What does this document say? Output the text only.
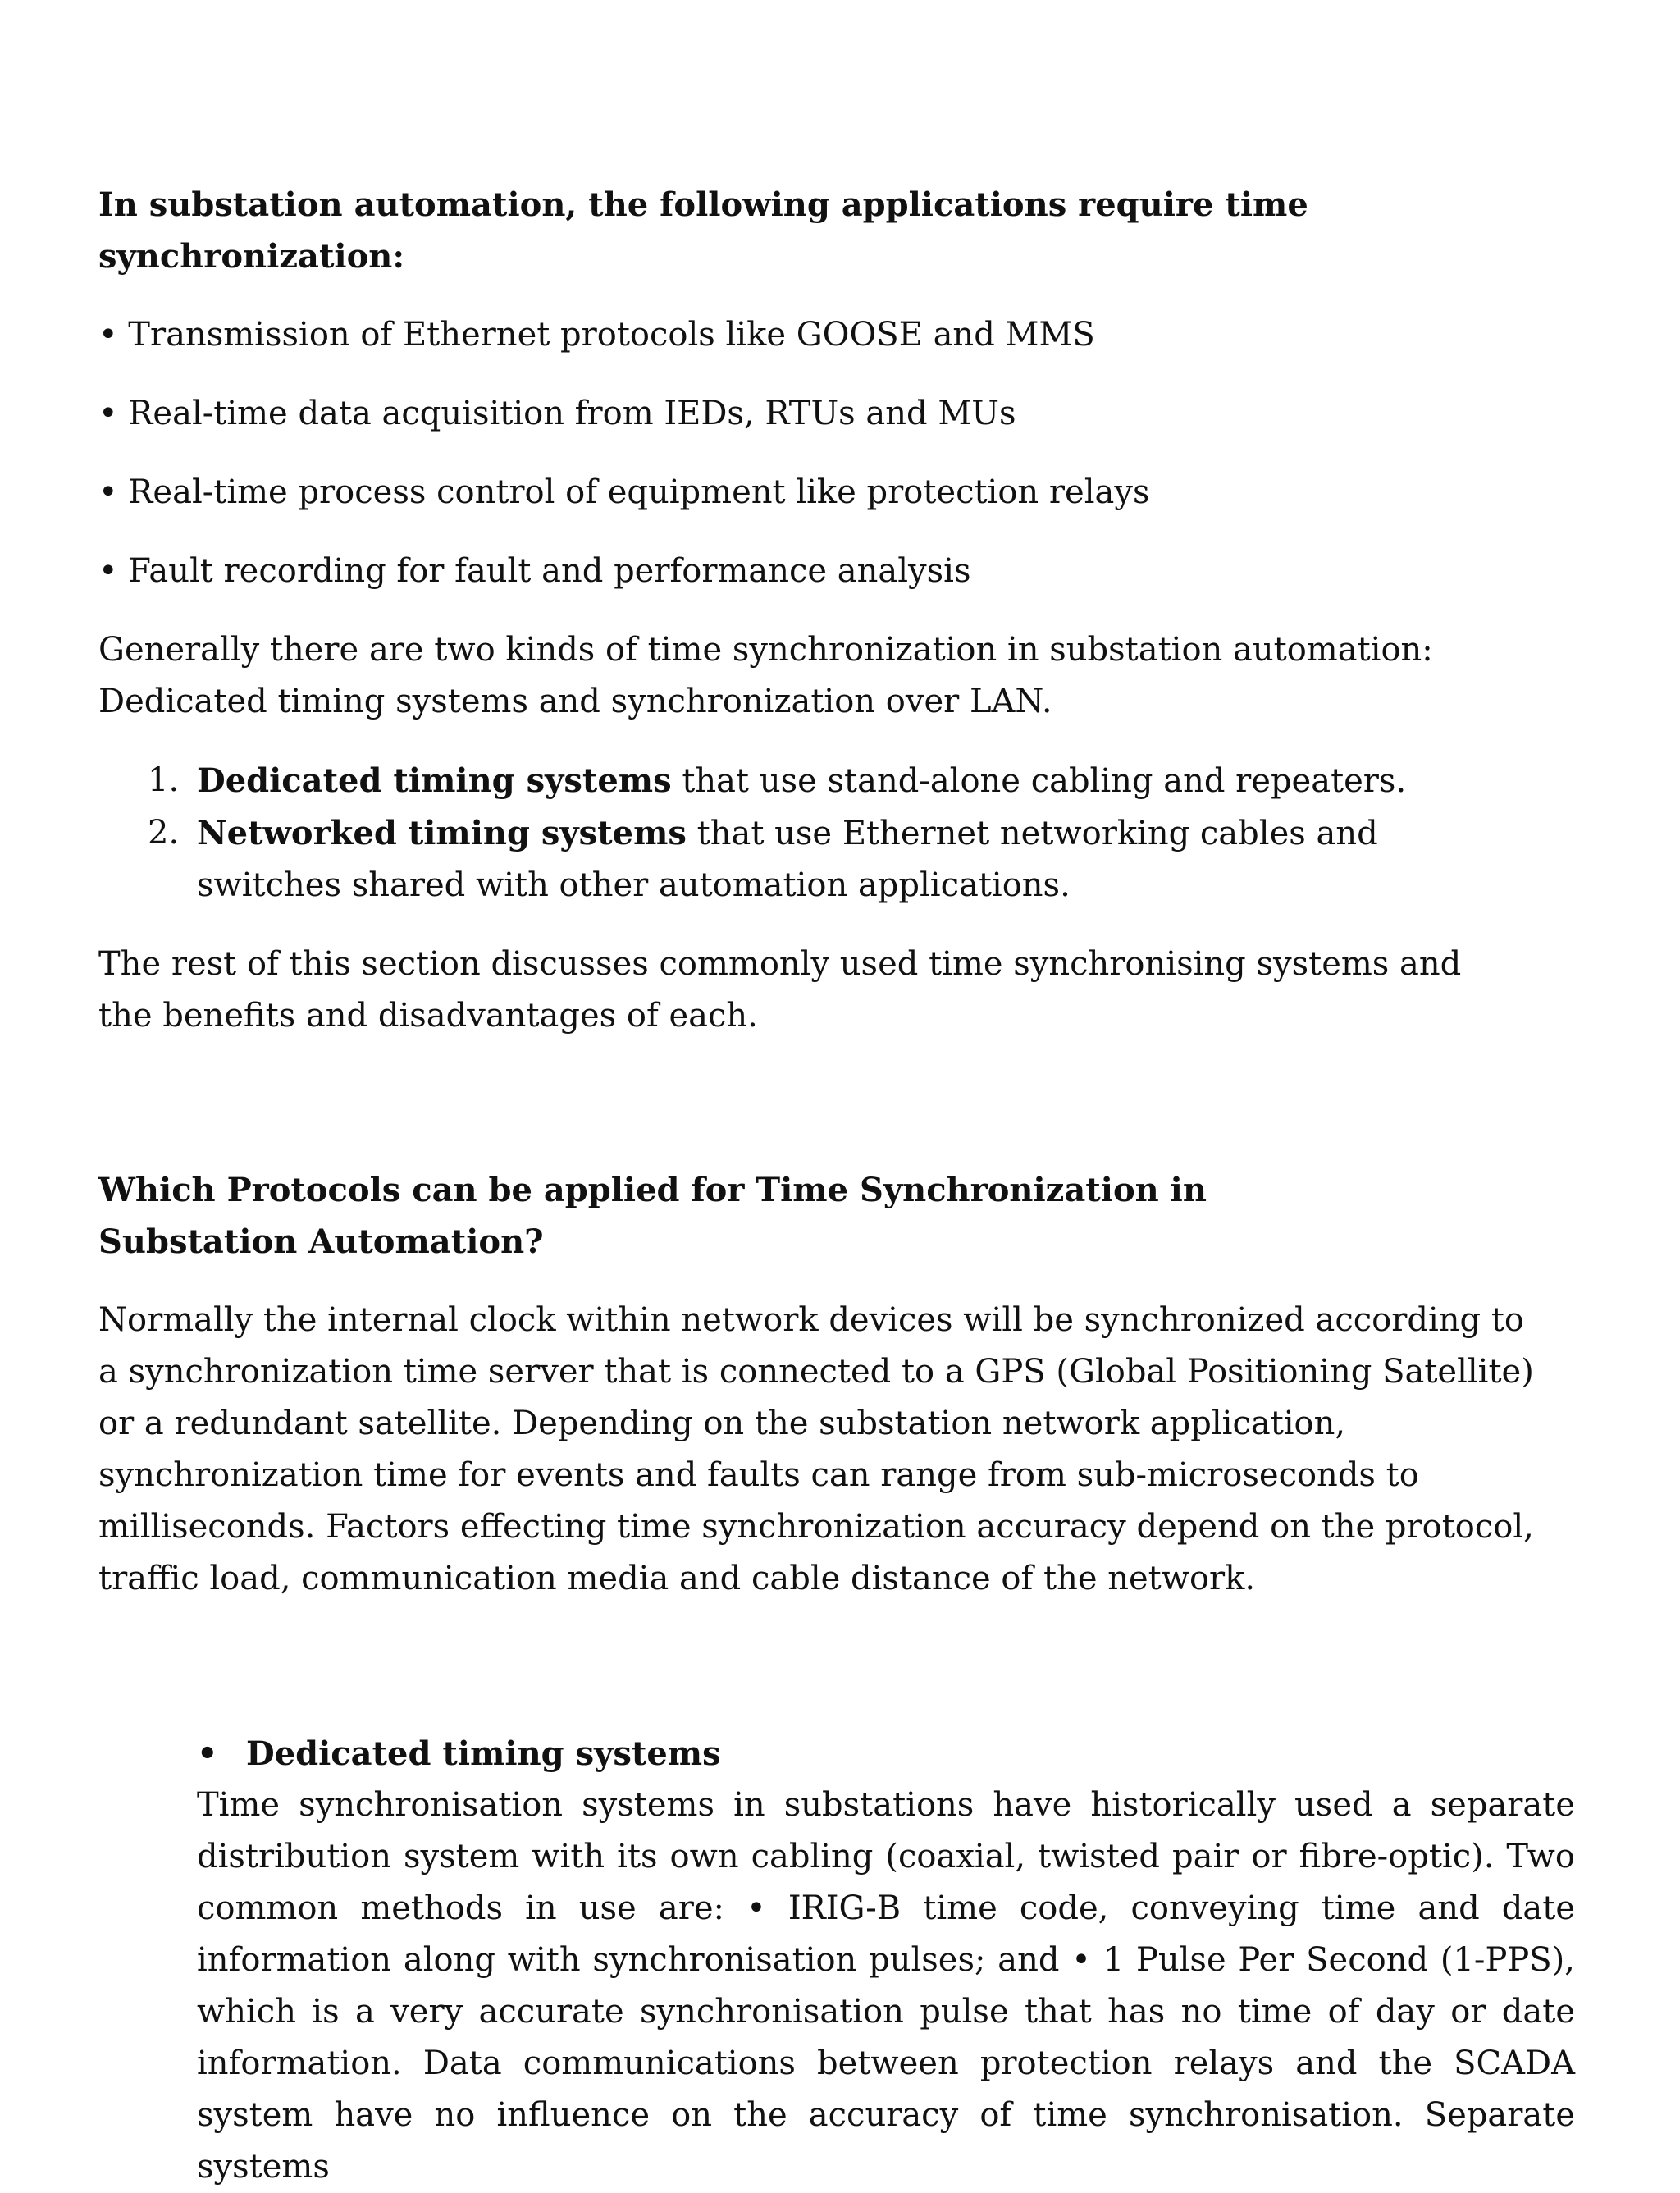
In substation automation, the following applications require time synchronization:

• Transmission of Ethernet protocols like GOOSE and MMS

• Real-time data acquisition from IEDs, RTUs and MUs

• Real-time process control of equipment like protection relays

• Fault recording for fault and performance analysis

Generally there are two kinds of time synchronization in substation automation: Dedicated timing systems and synchronization over LAN.

1. Dedicated timing systems that use stand-alone cabling and repeaters.
2. Networked timing systems that use Ethernet networking cables and switches shared with other automation applications.

The rest of this section discusses commonly used time synchronising systems and the benefits and disadvantages of each.

Which Protocols can be applied for Time Synchronization in Substation Automation?

Normally the internal clock within network devices will be synchronized according to a synchronization time server that is connected to a GPS (Global Positioning Satellite) or a redundant satellite. Depending on the substation network application, synchronization time for events and faults can range from sub-microseconds to milliseconds. Factors effecting time synchronization accuracy depend on the protocol, traffic load, communication media and cable distance of the network.

• Dedicated timing systems

Time synchronisation systems in substations have historically used a separate

distribution system with its own cabling (coaxial, twisted pair or fibre-optic). Two

common methods in use are: • IRIG-B time code, conveying time and date

information along with synchronisation pulses; and • 1 Pulse Per Second (1-PPS),

which is a very accurate synchronisation pulse that has no time of day or date

information. Data communications between protection relays and the SCADA

system have no influence on the accuracy of time synchronisation. Separate systems
